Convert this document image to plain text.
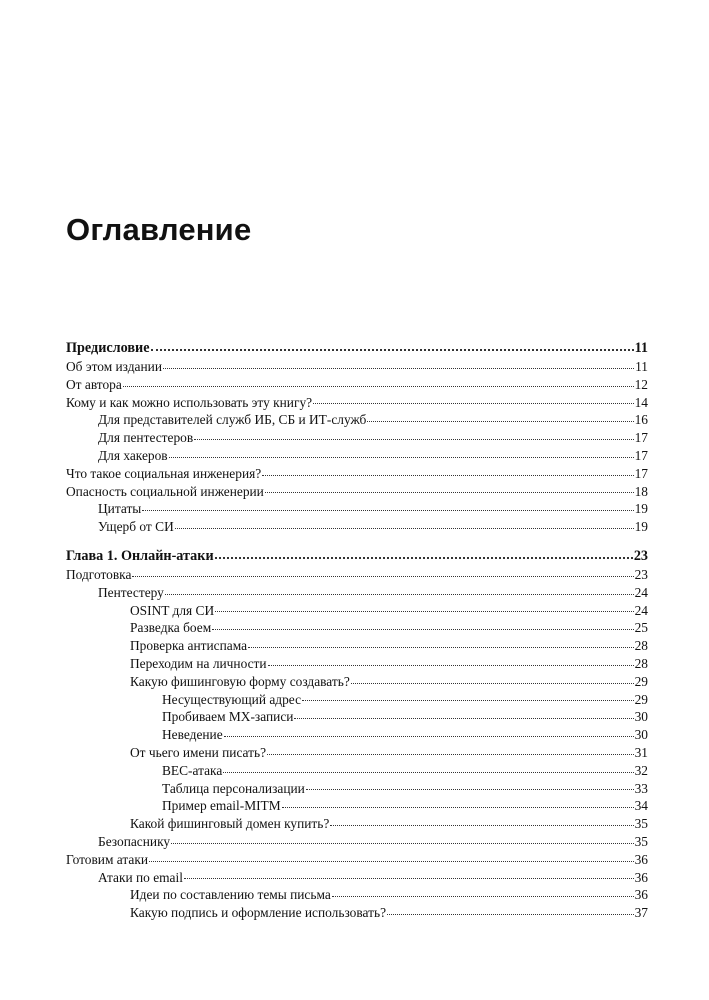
Оглавление
Предисловие	11
Об этом издании	11
От автора	12
Кому и как можно использовать эту книгу?	14
Для представителей служб ИБ, СБ и ИТ-служб	16
Для пентестеров	17
Для хакеров	17
Что такое социальная инженерия?	17
Опасность социальной инженерии	18
Цитаты	19
Ущерб от СИ	19
Глава 1. Онлайн-атаки	23
Подготовка	23
Пентестеру	24
OSINT для СИ	24
Разведка боем	25
Проверка антиспама	28
Переходим на личности	28
Какую фишинговую форму создавать?	29
Несуществующий адрес	29
Пробиваем MX-записи	30
Неведение	30
От чьего имени писать?	31
BEC-атака	32
Таблица персонализации	33
Пример email-MITM	34
Какой фишинговый домен купить?	35
Безопаснику	35
Готовим атаки	36
Атаки по email	36
Идеи по составлению темы письма	36
Какую подпись и оформление использовать?	37
